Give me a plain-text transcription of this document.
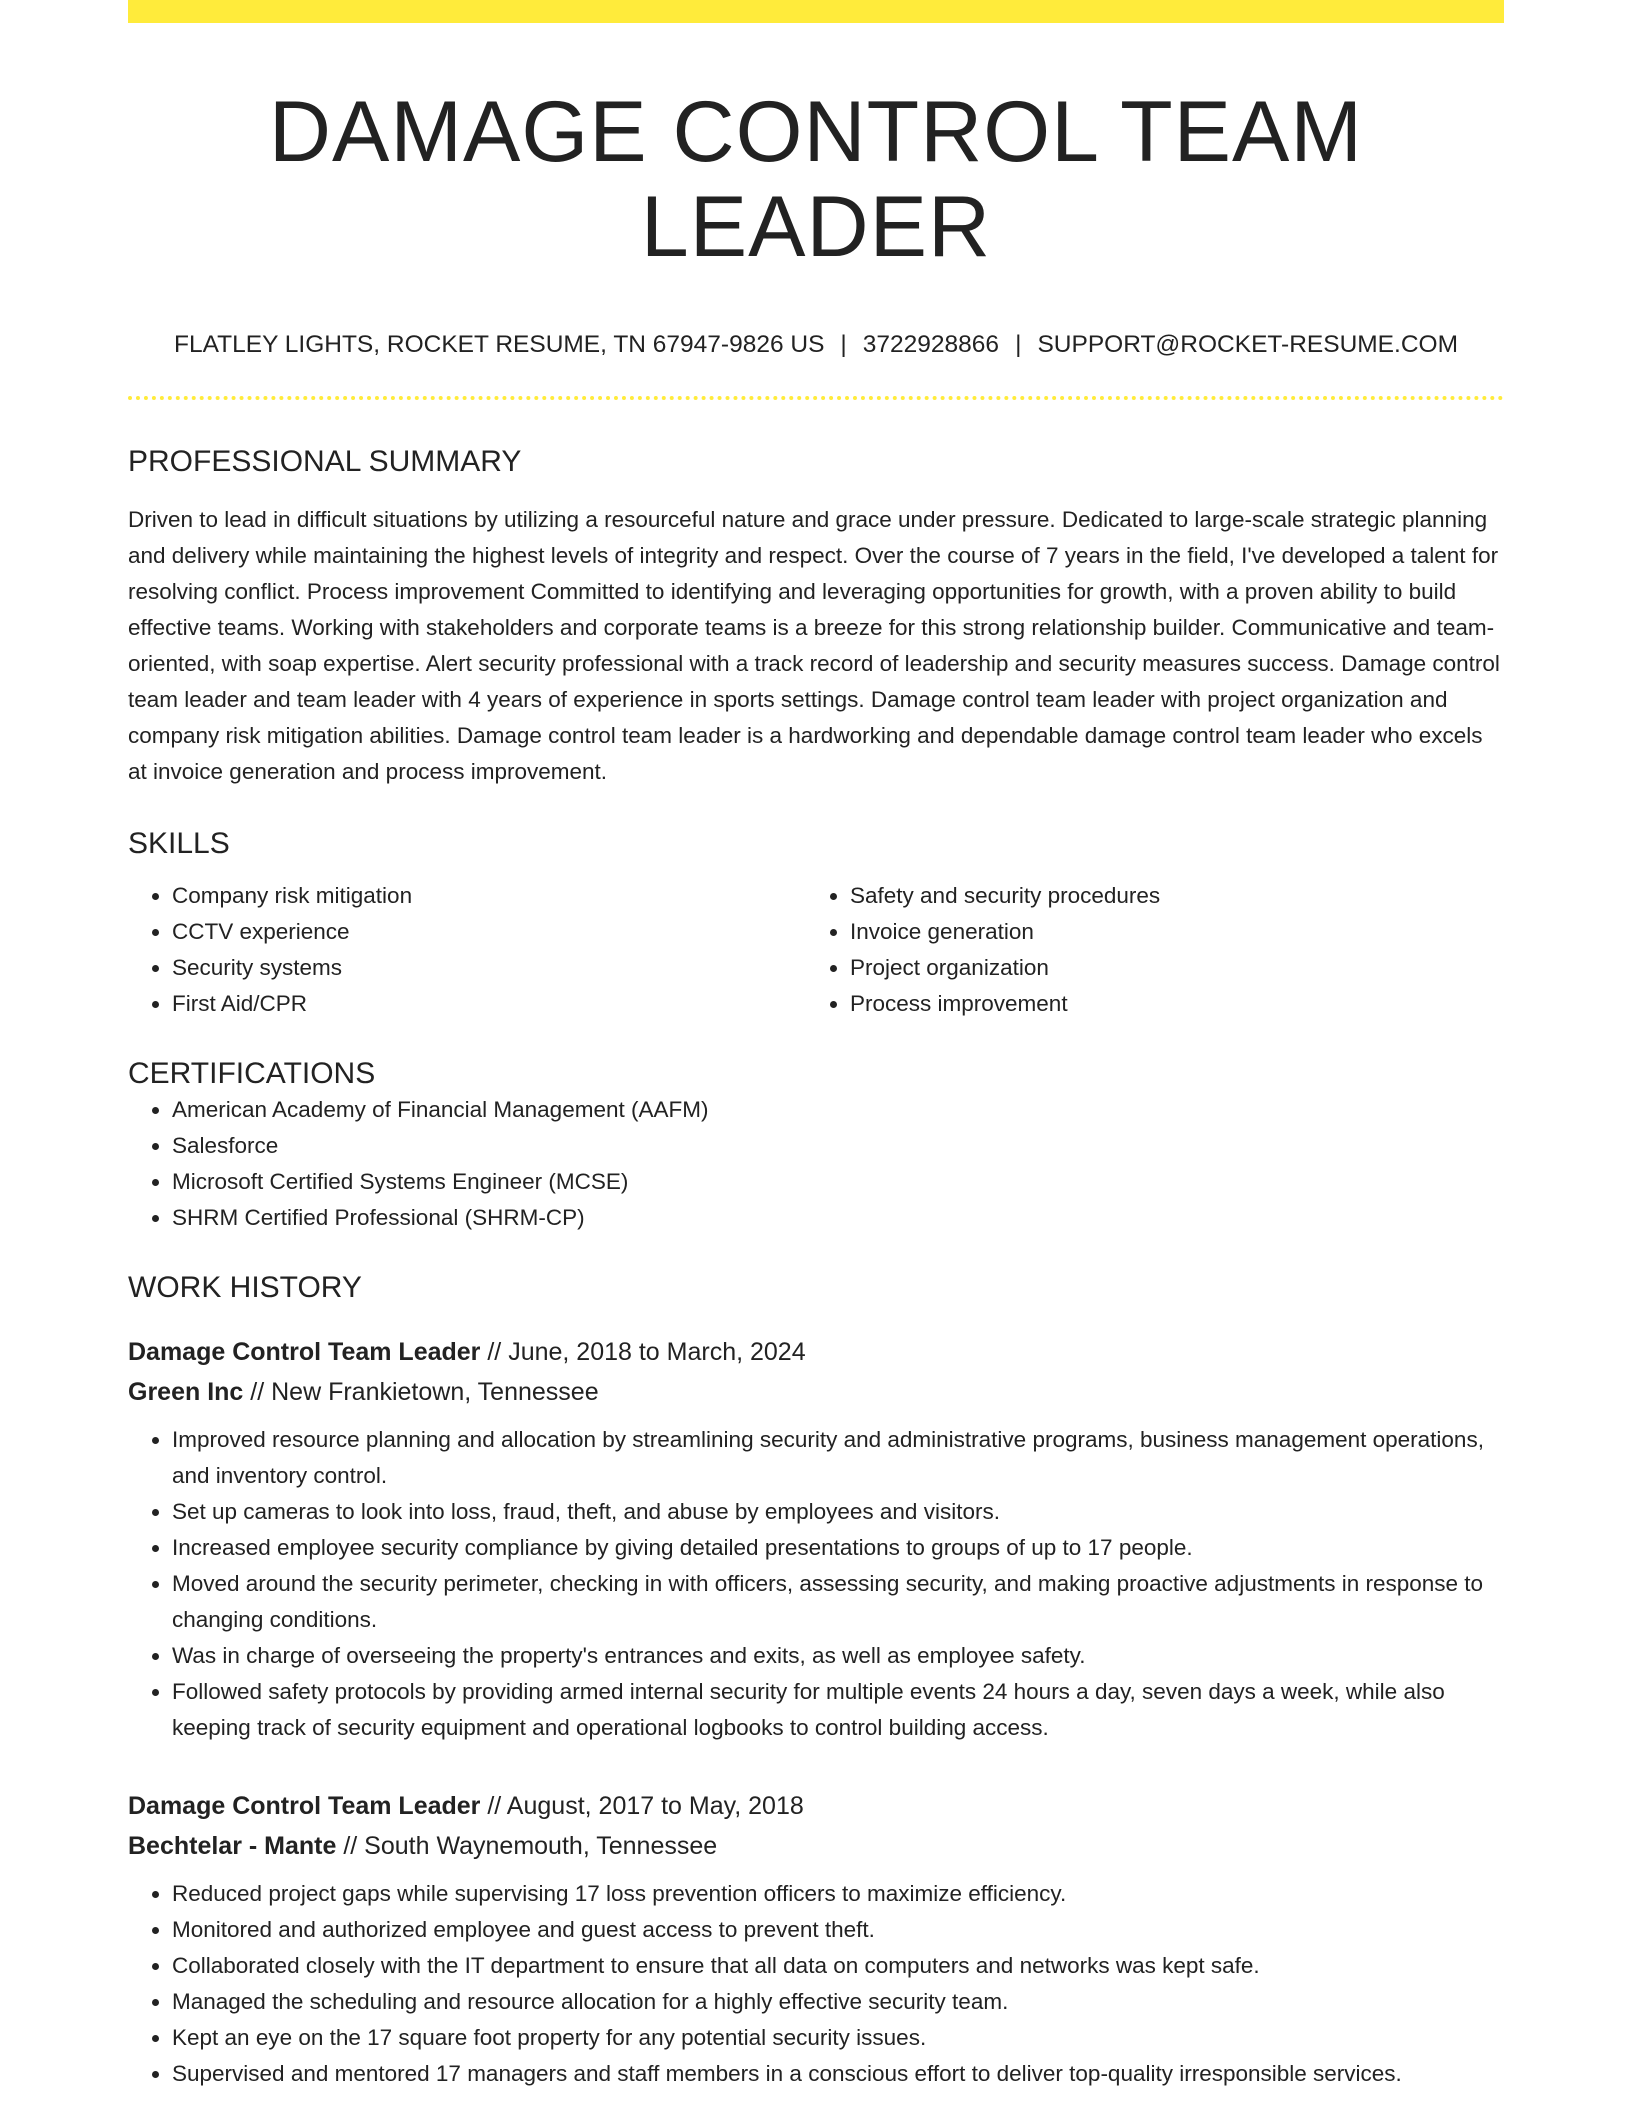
DAMAGE CONTROL TEAM LEADER
FLATLEY LIGHTS, ROCKET RESUME, TN 67947-9826 US | 3722928866 | SUPPORT@ROCKET-RESUME.COM
PROFESSIONAL SUMMARY

Driven to lead in difficult situations by utilizing a resourceful nature and grace under pressure. Dedicated to large-scale strategic planning and delivery while maintaining the highest levels of integrity and respect. Over the course of 7 years in the field, I've developed a talent for resolving conflict. Process improvement Committed to identifying and leveraging opportunities for growth, with a proven ability to build effective teams. Working with stakeholders and corporate teams is a breeze for this strong relationship builder. Communicative and team-oriented, with soap expertise. Alert security professional with a track record of leadership and security measures success. Damage control team leader and team leader with 4 years of experience in sports settings. Damage control team leader with project organization and company risk mitigation abilities. Damage control team leader is a hardworking and dependable damage control team leader who excels at invoice generation and process improvement.

SKILLS
• Company risk mitigation
• CCTV experience
• Security systems
• First Aid/CPR
• Safety and security procedures
• Invoice generation
• Project organization
• Process improvement
CERTIFICATIONS
• American Academy of Financial Management (AAFM)
• Salesforce
• Microsoft Certified Systems Engineer (MCSE)
• SHRM Certified Professional (SHRM-CP)
WORK HISTORY
Damage Control Team Leader // June, 2018 to March, 2024
Green Inc // New Frankietown, Tennessee
• Improved resource planning and allocation by streamlining security and administrative programs, business management operations, and inventory control.
• Set up cameras to look into loss, fraud, theft, and abuse by employees and visitors.
• Increased employee security compliance by giving detailed presentations to groups of up to 17 people.
• Moved around the security perimeter, checking in with officers, assessing security, and making proactive adjustments in response to changing conditions.
• Was in charge of overseeing the property's entrances and exits, as well as employee safety.
• Followed safety protocols by providing armed internal security for multiple events 24 hours a day, seven days a week, while also keeping track of security equipment and operational logbooks to control building access.
Damage Control Team Leader // August, 2017 to May, 2018
Bechtelar - Mante // South Waynemouth, Tennessee
• Reduced project gaps while supervising 17 loss prevention officers to maximize efficiency.
• Monitored and authorized employee and guest access to prevent theft.
• Collaborated closely with the IT department to ensure that all data on computers and networks was kept safe.
• Managed the scheduling and resource allocation for a highly effective security team.
• Kept an eye on the 17 square foot property for any potential security issues.
• Supervised and mentored 17 managers and staff members in a conscious effort to deliver top-quality irresponsible services.
